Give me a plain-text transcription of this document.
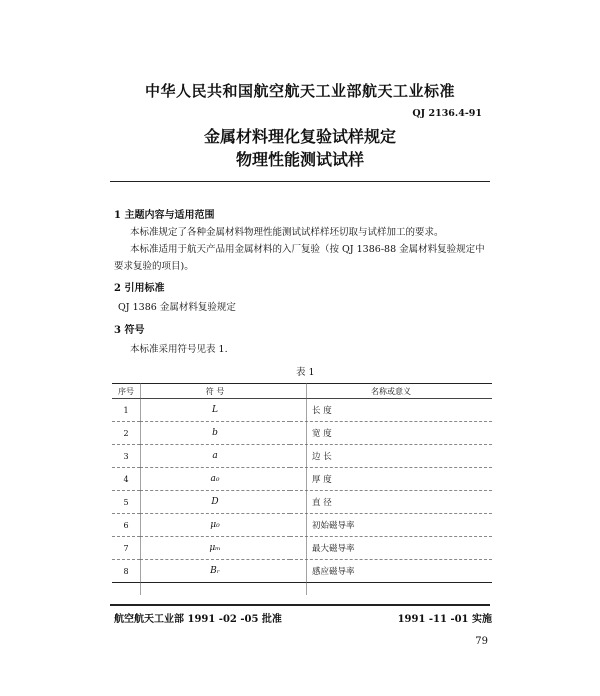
中华人民共和国航空航天工业部航天工业标准
QJ 2136.4-91
金属材料理化复验试样规定
物理性能测试试样
1 主题内容与适用范围
本标准规定了各种金属材料物理性能测试试样样坯切取与试样加工的要求。
本标准适用于航天产品用金属材料的入厂复验（按 QJ 1386-88 金属材料复验规定中
要求复验的项目)。
2 引用标准
QJ 1386 金属材料复验规定
3 符号
本标准采用符号见表 1.
表 1
序号	符 号	名称或意义
1	L	长 度
2	b	宽 度
3	a	边 长
4	a₀	厚 度
5	D	直 径
6	μ₀	初始磁导率
7	μₘ	最大磁导率
8	Bᵣ	感应磁导率
航空航天工业部 1991 -02 -05 批准	1991 -11 -01 实施
79
